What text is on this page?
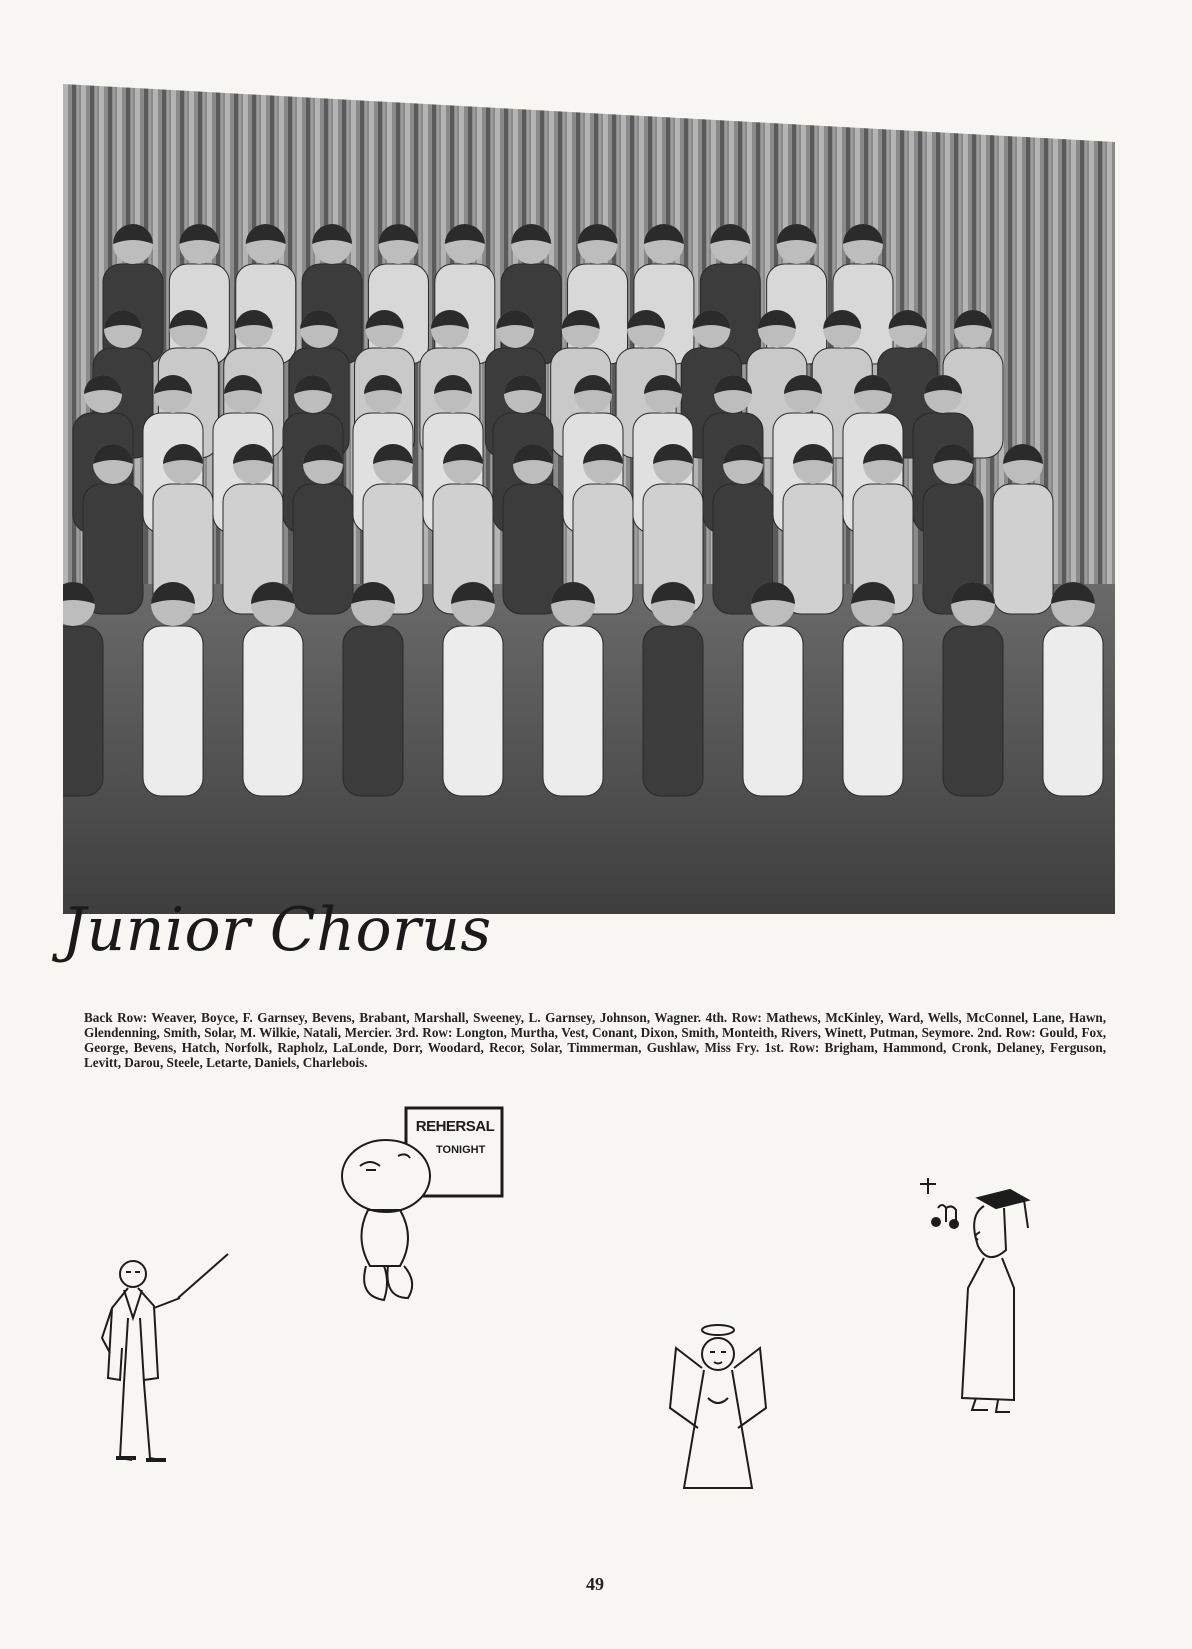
Junior Chorus

Back Row: Weaver, Boyce, F. Garnsey, Bevens, Brabant, Marshall, Sweeney, L. Garnsey, Johnson, Wagner. 4th. Row: Mathews, McKinley, Ward, Wells, McConnel, Lane, Hawn, Glendenning, Smith, Solar, M. Wilkie, Natali, Mercier. 3rd. Row: Longton, Murtha, Vest, Conant, Dixon, Smith, Monteith, Rivers, Winett, Putman, Seymore. 2nd. Row: Gould, Fox, George, Bevens, Hatch, Norfolk, Rapholz, LaLonde, Dorr, Woodard, Recor, Solar, Timmerman, Gushlaw, Miss Fry. 1st. Row: Brigham, Hammond, Cronk, Delaney, Ferguson, Levitt, Darou, Steele, Letarte, Daniels, Charlebois.

REHERSAL
TONIGHT
49
